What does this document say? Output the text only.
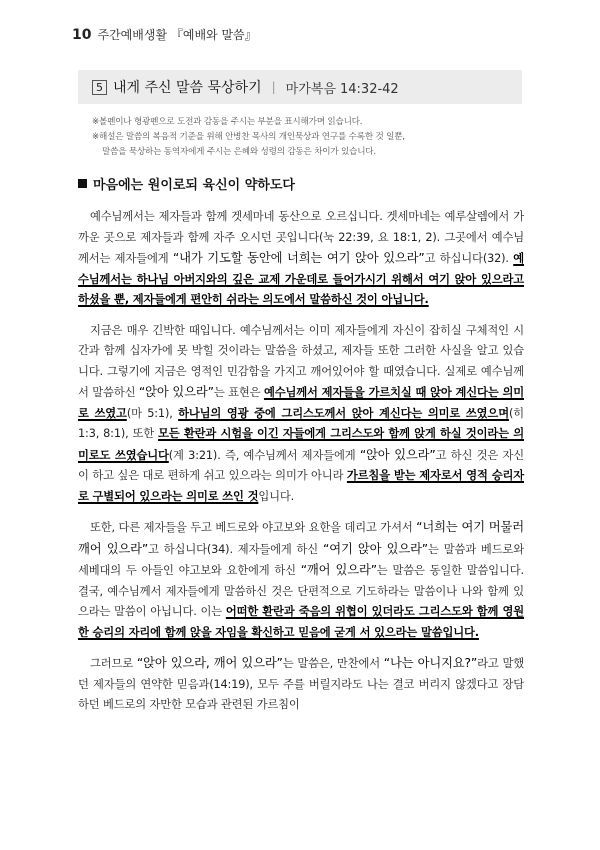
10 주간예배생활 『예배와 말씀』
5 내게 주신 말씀 묵상하기 | 마가복음 14:32-42

※볼펜이나 형광펜으로 도전과 감동을 주시는 부분을 표시해가며 읽습니다.

※해설은 말씀의 복음적 기준을 위해 안병찬 목사의 개인묵상과 연구를 수록한 것 일뿐,

말씀을 묵상하는 동역자에게 주시는 은혜와 성령의 감동은 차이가 있습니다.

마음에는 원이로되 육신이 약하도다

예수님께서는 제자들과 함께 겟세마네 동산으로 오르십니다. 겟세마네는 예루살렘에서 가까운 곳으로 제자들과 함께 자주 오시던 곳입니다(눅 22:39, 요 18:1, 2). 그곳에서 예수님께서는 제자들에게 “내가 기도할 동안에 너희는 여기 앉아 있으라”고 하십니다(32). 예수님께서는 하나님 아버지와의 깊은 교제 가운데로 들어가시기 위해서 여기 앉아 있으라고 하셨을 뿐, 제자들에게 편안히 쉬라는 의도에서 말씀하신 것이 아닙니다.

지금은 매우 긴박한 때입니다. 예수님께서는 이미 제자들에게 자신이 잡히실 구체적인 시간과 함께 십자가에 못 박힐 것이라는 말씀을 하셨고, 제자들 또한 그러한 사실을 알고 있습니다. 그렇기에 지금은 영적인 민감함을 가지고 깨어있어야 할 때였습니다. 실제로 예수님께서 말씀하신 “앉아 있으라”는 표현은 예수님께서 제자들을 가르치실 때 앉아 계신다는 의미로 쓰였고(마 5:1), 하나님의 영광 중에 그리스도께서 앉아 계신다는 의미로 쓰였으며(히 1:3, 8:1), 또한 모든 환란과 시험을 이긴 자들에게 그리스도와 함께 앉게 하실 것이라는 의미로도 쓰였습니다(계 3:21). 즉, 예수님께서 제자들에게 “앉아 있으라”고 하신 것은 자신이 하고 싶은 대로 편하게 쉬고 있으라는 의미가 아니라 가르침을 받는 제자로서 영적 승리자로 구별되어 있으라는 의미로 쓰인 것입니다.

또한, 다른 제자들을 두고 베드로와 야고보와 요한을 데리고 가셔서 “너희는 여기 머물러 깨어 있으라”고 하십니다(34). 제자들에게 하신 “여기 앉아 있으라”는 말씀과 베드로와 세베대의 두 아들인 야고보와 요한에게 하신 “깨어 있으라”는 말씀은 동일한 말씀입니다. 결국, 예수님께서 제자들에게 말씀하신 것은 단편적으로 기도하라는 말씀이나 나와 함께 있으라는 말씀이 아닙니다. 이는 어떠한 환란과 죽음의 위협이 있더라도 그리스도와 함께 영원한 승리의 자리에 함께 앉을 자임을 확신하고 믿음에 굳게 서 있으라는 말씀입니다.

그러므로 “앉아 있으라, 깨어 있으라”는 말씀은, 만찬에서 “나는 아니지요?”라고 말했던 제자들의 연약한 믿음과(14:19), 모두 주를 버릴지라도 나는 결코 버리지 않겠다고 장담하던 베드로의 자만한 모습과 관련된 가르침이
